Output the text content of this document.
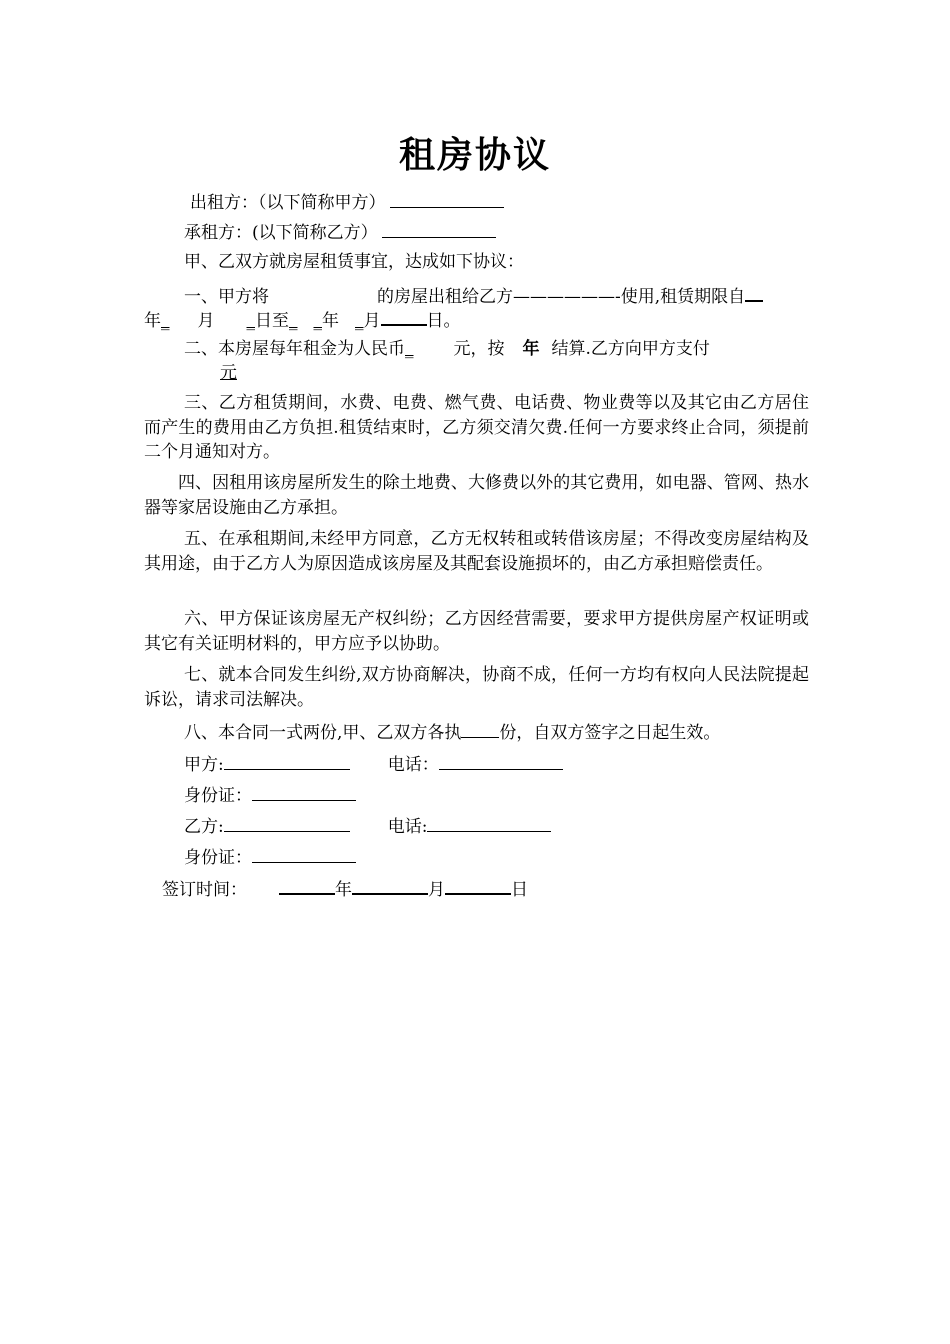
租房协议
出租方：（以下简称甲方）
承租方：(以下简称乙方）
甲、乙双方就房屋租赁事宜，达成如下协议：
一、甲方将	的房屋出租给乙方——————-使用,租赁期限自
年_ 月 _日至_ _年 _月	日。
二、本房屋每年租金为人民币_ 元，按 年 结算.乙方向甲方支付
元
三、乙方租赁期间，水费、电费、燃气费、电话费、物业费等以及其它由乙方居住而产生的费用由乙方负担.租赁结束时，乙方须交清欠费.任何一方要求终止合同，须提前二个月通知对方。
四、因租用该房屋所发生的除土地费、大修费以外的其它费用，如电器、管网、热水器等家居设施由乙方承担。
五、在承租期间,未经甲方同意，乙方无权转租或转借该房屋；不得改变房屋结构及其用途，由于乙方人为原因造成该房屋及其配套设施损坏的，由乙方承担赔偿责任。
六、甲方保证该房屋无产权纠纷；乙方因经营需要，要求甲方提供房屋产权证明或其它有关证明材料的，甲方应予以协助。
七、就本合同发生纠纷,双方协商解决，协商不成，任何一方均有权向人民法院提起诉讼，请求司法解决。
八、本合同一式两份,甲、乙双方各执 份，自双方签字之日起生效。
甲方:	电话：
身份证：
乙方:	电话:
身份证：
签订时间：	年	月	日
